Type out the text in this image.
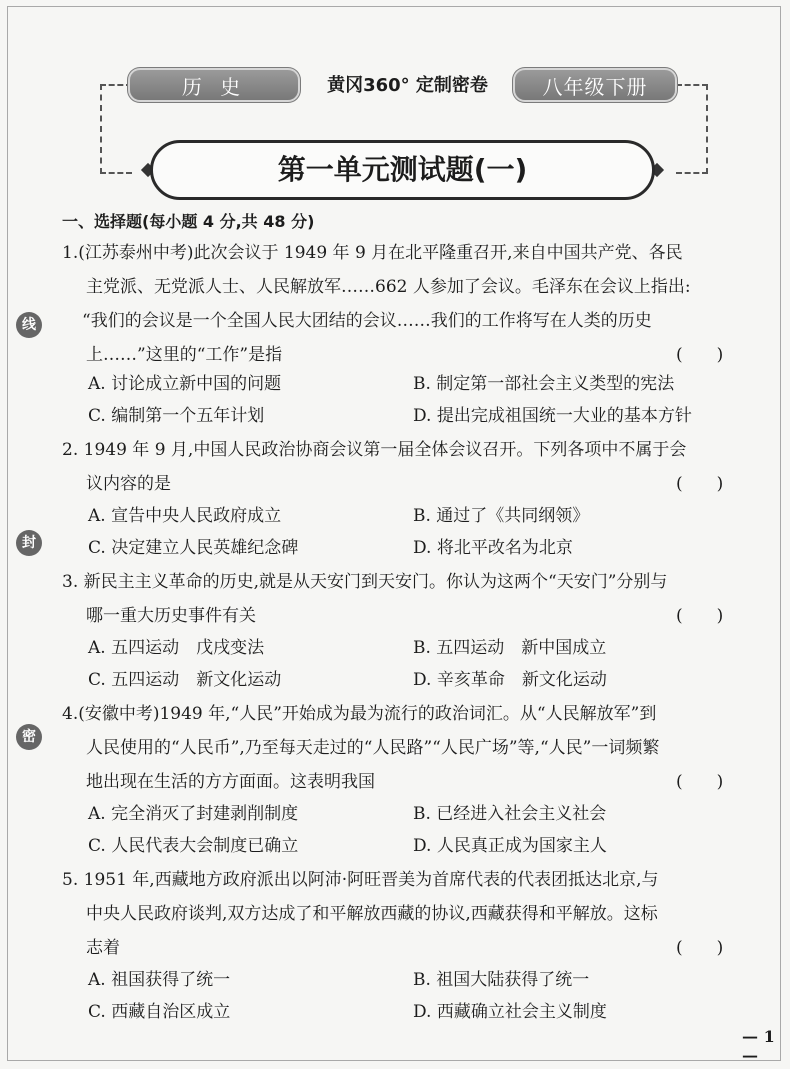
历 史	黄冈360° 定制密卷	八年级下册
第一单元测试题(一)
线
封
密
一、选择题(每小题 4 分,共 48 分)
1.(江苏泰州中考)此次会议于 1949 年 9 月在北平隆重召开,来自中国共产党、各民
主党派、无党派人士、人民解放军……662 人参加了会议。毛泽东在会议上指出:
“我们的会议是一个全国人民大团结的会议……我们的工作将写在人类的历史
上……”这里的“工作”是指	(　　)
A. 讨论成立新中国的问题	B. 制定第一部社会主义类型的宪法
C. 编制第一个五年计划	D. 提出完成祖国统一大业的基本方针
2. 1949 年 9 月,中国人民政治协商会议第一届全体会议召开。下列各项中不属于会
议内容的是	(　　)
A. 宣告中央人民政府成立	B. 通过了《共同纲领》
C. 决定建立人民英雄纪念碑	D. 将北平改名为北京
3. 新民主主义革命的历史,就是从天安门到天安门。你认为这两个“天安门”分别与
哪一重大历史事件有关	(　　)
A. 五四运动　戊戌变法	B. 五四运动　新中国成立
C. 五四运动　新文化运动	D. 辛亥革命　新文化运动
4.(安徽中考)1949 年,“人民”开始成为最为流行的政治词汇。从“人民解放军”到
人民使用的“人民币”,乃至每天走过的“人民路”“人民广场”等,“人民”一词频繁
地出现在生活的方方面面。这表明我国	(　　)
A. 完全消灭了封建剥削制度	B. 已经进入社会主义社会
C. 人民代表大会制度已确立	D. 人民真正成为国家主人
5. 1951 年,西藏地方政府派出以阿沛·阿旺晋美为首席代表的代表团抵达北京,与
中央人民政府谈判,双方达成了和平解放西藏的协议,西藏获得和平解放。这标
志着	(　　)
A. 祖国获得了统一	B. 祖国大陆获得了统一
C. 西藏自治区成立	D. 西藏确立社会主义制度
— 1 —
